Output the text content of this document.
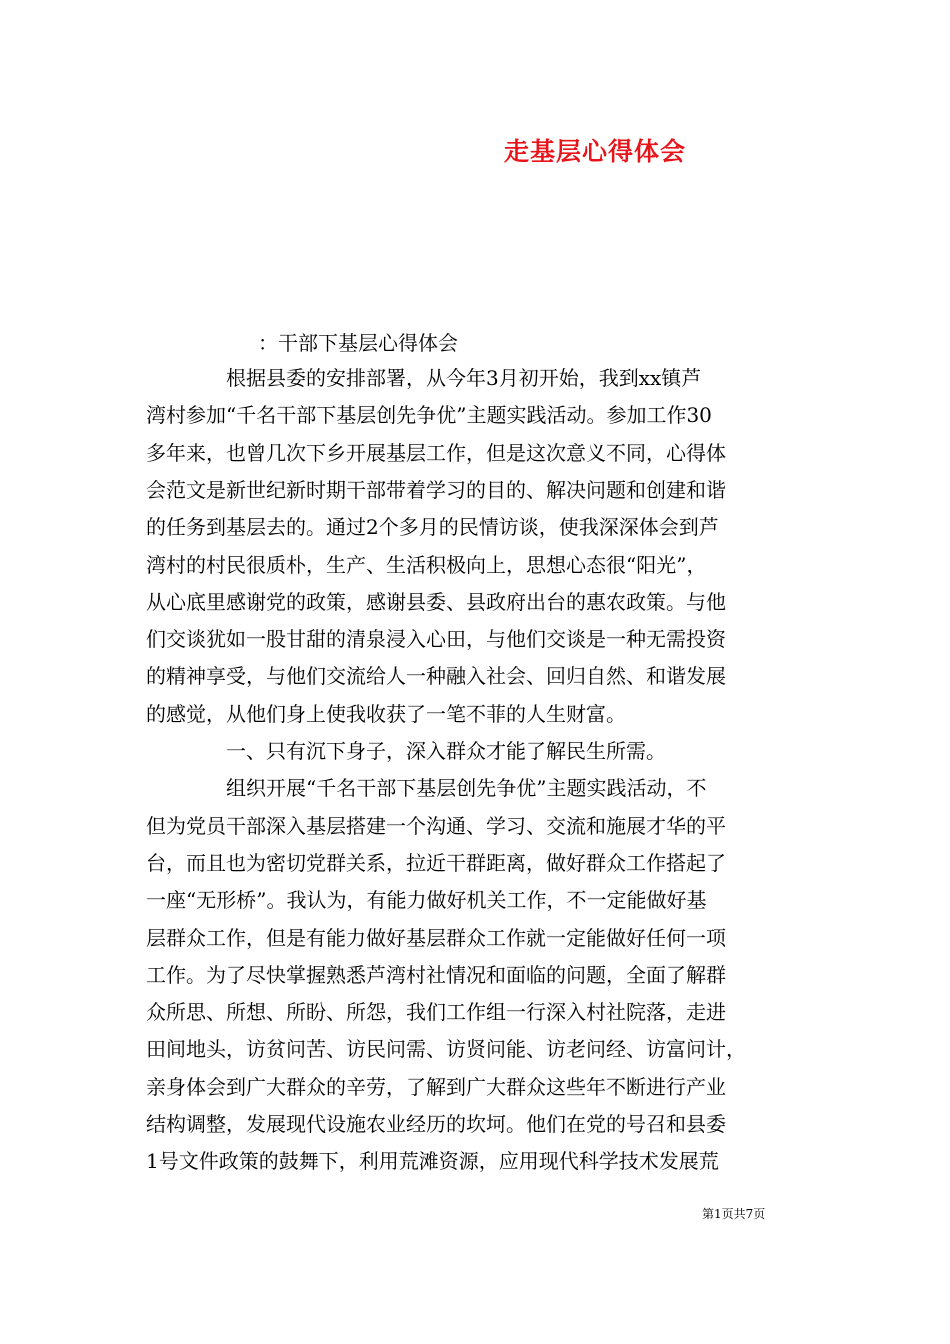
走基层心得体会
：干部下基层心得体会
　　　　根据县委的安排部署，从今年3月初开始，我到xx镇芦
湾村参加“千名干部下基层创先争优”主题实践活动。参加工作30
多年来，也曾几次下乡开展基层工作，但是这次意义不同，心得体
会范文是新世纪新时期干部带着学习的目的、解决问题和创建和谐
的任务到基层去的。通过2个多月的民情访谈，使我深深体会到芦
湾村的村民很质朴，生产、生活积极向上，思想心态很“阳光”，
从心底里感谢党的政策，感谢县委、县政府出台的惠农政策。与他
们交谈犹如一股甘甜的清泉浸入心田，与他们交谈是一种无需投资
的精神享受，与他们交流给人一种融入社会、回归自然、和谐发展
的感觉，从他们身上使我收获了一笔不菲的人生财富。
　　　　一、只有沉下身子，深入群众才能了解民生所需。
　　　　组织开展“千名干部下基层创先争优”主题实践活动，不
但为党员干部深入基层搭建一个沟通、学习、交流和施展才华的平
台，而且也为密切党群关系，拉近干群距离，做好群众工作搭起了
一座“无形桥”。我认为，有能力做好机关工作，不一定能做好基
层群众工作，但是有能力做好基层群众工作就一定能做好任何一项
工作。为了尽快掌握熟悉芦湾村社情况和面临的问题，全面了解群
众所思、所想、所盼、所怨，我们工作组一行深入村社院落，走进
田间地头，访贫问苦、访民问需、访贤问能、访老问经、访富问计，
亲身体会到广大群众的辛劳，了解到广大群众这些年不断进行产业
结构调整，发展现代设施农业经历的坎坷。他们在党的号召和县委
1号文件政策的鼓舞下，利用荒滩资源，应用现代科学技术发展荒
第1页共7页
